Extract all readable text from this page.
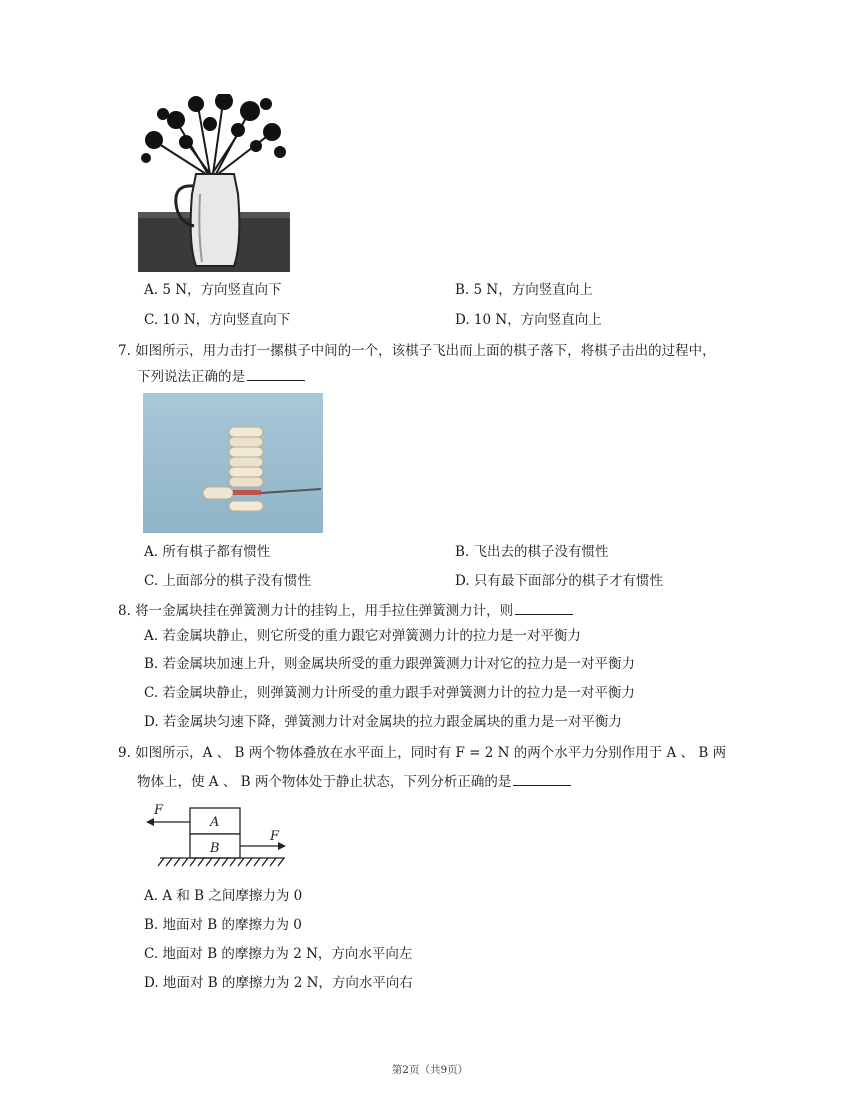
A. 5 N，方向竖直向下	B. 5 N，方向竖直向上
C. 10 N，方向竖直向下	D. 10 N，方向竖直向上
7. 如图所示，用力击打一摞棋子中间的一个，该棋子飞出而上面的棋子落下，将棋子击出的过程中，
下列说法正确的是
A. 所有棋子都有惯性	B. 飞出去的棋子没有惯性
C. 上面部分的棋子没有惯性	D. 只有最下面部分的棋子才有惯性
8. 将一金属块挂在弹簧测力计的挂钩上，用手拉住弹簧测力计，则
A. 若金属块静止，则它所受的重力跟它对弹簧测力计的拉力是一对平衡力
B. 若金属块加速上升，则金属块所受的重力跟弹簧测力计对它的拉力是一对平衡力
C. 若金属块静止，则弹簧测力计所受的重力跟手对弹簧测力计的拉力是一对平衡力
D. 若金属块匀速下降，弹簧测力计对金属块的拉力跟金属块的重力是一对平衡力
9. 如图所示，A 、 B 两个物体叠放在水平面上，同时有 F = 2 N 的两个水平力分别作用于 A 、 B 两
物体上，使 A 、 B 两个物体处于静止状态，下列分析正确的是
F
F
A
B
A. A 和 B 之间摩擦力为 0
B. 地面对 B 的摩擦力为 0
C. 地面对 B 的摩擦力为 2 N，方向水平向左
D. 地面对 B 的摩擦力为 2 N，方向水平向右
第2页（共9页）
